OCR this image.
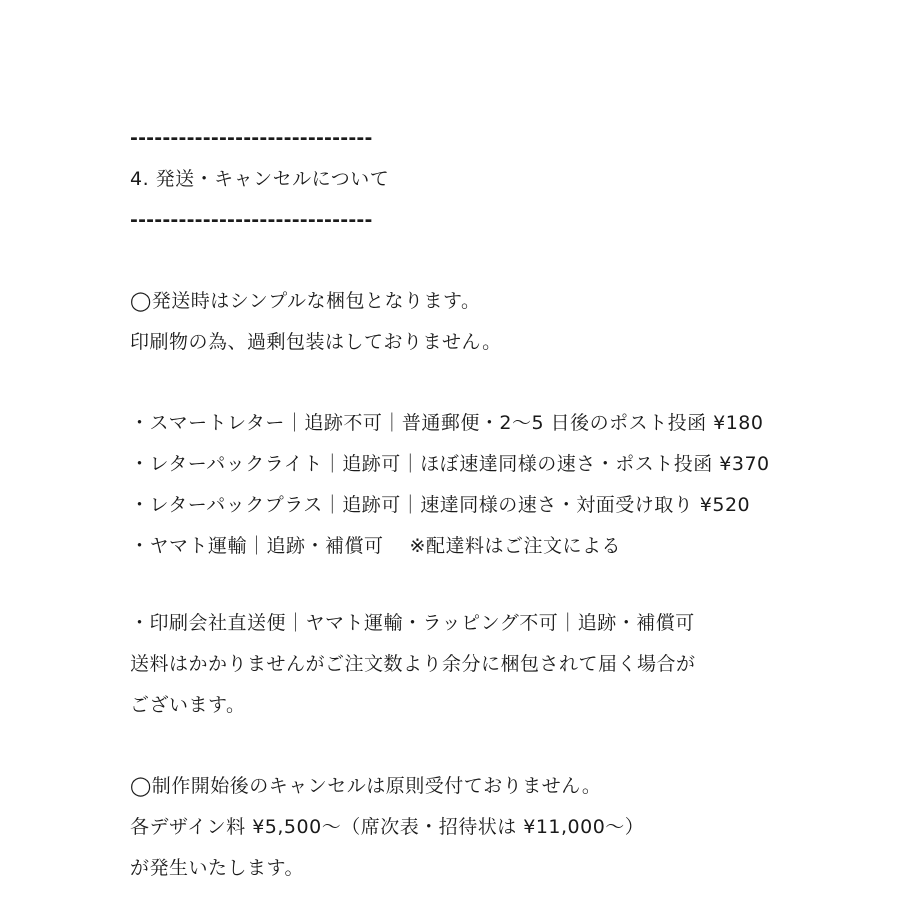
------------------------------
4. 発送・キャンセルについて
------------------------------
◯発送時はシンプルな梱包となります。
印刷物の為、過剰包装はしておりません。
・スマートレター｜追跡不可｜普通郵便・2〜5 日後のポスト投函 ¥180
・レターパックライト｜追跡可｜ほぼ速達同様の速さ・ポスト投函 ¥370
・レターパックプラス｜追跡可｜速達同様の速さ・対面受け取り ¥520
・ヤマト運輸｜追跡・補償可　 ※配達料はご注文による
・印刷会社直送便｜ヤマト運輸・ラッピング不可｜追跡・補償可
送料はかかりませんがご注文数より余分に梱包されて届く場合が
ございます。
◯制作開始後のキャンセルは原則受付ておりません。
各デザイン料 ¥5,500〜（席次表・招待状は ¥11,000〜）
が発生いたします。
